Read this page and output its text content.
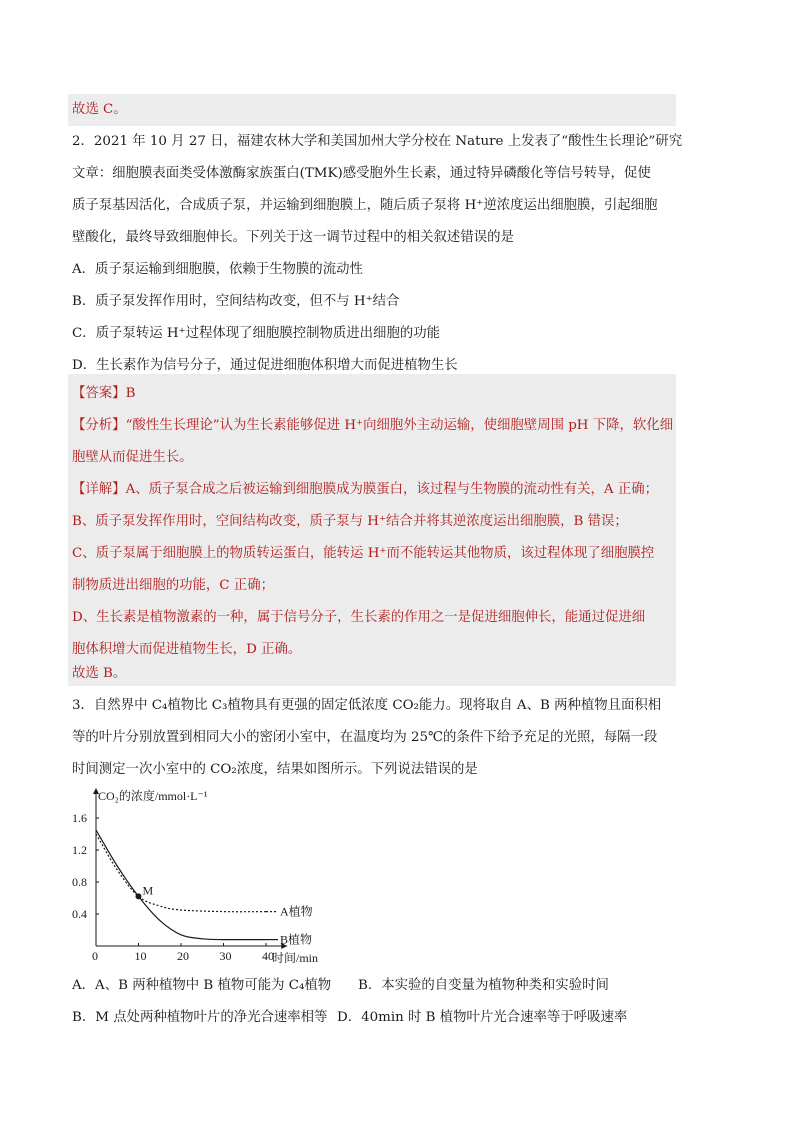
故选 C。
2．2021 年 10 月 27 日，福建农林大学和美国加州大学分校在 Nature 上发表了“酸性生长理论”研究
文章：细胞膜表面类受体激酶家族蛋白(TMK)感受胞外生长素，通过特异磷酸化等信号转导，促使
质子泵基因活化，合成质子泵，并运输到细胞膜上，随后质子泵将 H⁺逆浓度运出细胞膜，引起细胞
壁酸化，最终导致细胞伸长。下列关于这一调节过程中的相关叙述错误的是
A．质子泵运输到细胞膜，依赖于生物膜的流动性
B．质子泵发挥作用时，空间结构改变，但不与 H⁺结合
C．质子泵转运 H⁺过程体现了细胞膜控制物质进出细胞的功能
D．生长素作为信号分子，通过促进细胞体积增大而促进植物生长
【答案】B
【分析】“酸性生长理论”认为生长素能够促进 H⁺向细胞外主动运输，使细胞壁周围 pH 下降，软化细
胞壁从而促进生长。
【详解】A、质子泵合成之后被运输到细胞膜成为膜蛋白，该过程与生物膜的流动性有关，A 正确；
B、质子泵发挥作用时，空间结构改变，质子泵与 H⁺结合并将其逆浓度运出细胞膜，B 错误；
C、质子泵属于细胞膜上的物质转运蛋白，能转运 H⁺而不能转运其他物质，该过程体现了细胞膜控
制物质进出细胞的功能，C 正确；
D、生长素是植物激素的一种，属于信号分子，生长素的作用之一是促进细胞伸长，能通过促进细
胞体积增大而促进植物生长，D 正确。
故选 B。
3．自然界中 C₄植物比 C₃植物具有更强的固定低浓度 CO₂能力。现将取自 A、B 两种植物且面积相
等的叶片分别放置到相同大小的密闭小室中，在温度均为 25℃的条件下给予充足的光照，每隔一段
时间测定一次小室中的 CO₂浓度，结果如图所示。下列说法错误的是
0	10	20	30	40
0.4
0.8
1.2
1.6
A植物
B植物
M
CO₂的浓度/mmol·L⁻¹
时间/min
A．A、B 两种植物中 B 植物可能为 C₄植物 B．本实验的自变量为植物种类和实验时间
B．M 点处两种植物叶片的净光合速率相等 D．40min 时 B 植物叶片光合速率等于呼吸速率
